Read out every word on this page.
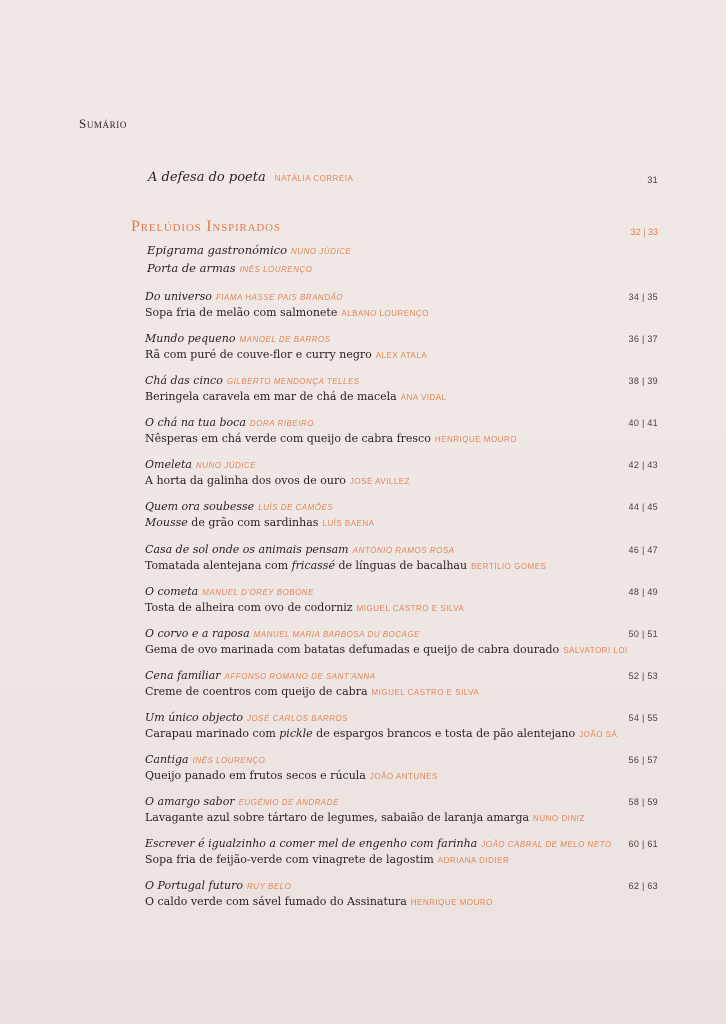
Sumário
A defesa do poeta NATÁLIA CORREIA	31
Prelúdios Inspirados	32 | 33
Epigrama gastronómico NUNO JÚDICE
Porta de armas INÊS LOURENÇO
Do universo FIAMA HASSE PAIS BRANDÃO
Sopa fria de melão com salmonete ALBANO LOURENÇO
34 | 35
Mundo pequeno MANOEL DE BARROS
Rã com puré de couve-flor e curry negro ALEX ATALA
36 | 37
Chá das cinco GILBERTO MENDONÇA TELLES
Beringela caravela em mar de chá de macela ANA VIDAL
38 | 39
O chá na tua boca DORA RIBEIRO
Nêsperas em chá verde com queijo de cabra fresco HENRIQUE MOURO
40 | 41
Omeleta NUNO JÚDICE
A horta da galinha dos ovos de ouro JOSÉ AVILLEZ
42 | 43
Quem ora soubesse LUÍS DE CAMÕES
Mousse de grão com sardinhas LUÍS BAENA
44 | 45
Casa de sol onde os animais pensam ANTÓNIO RAMOS ROSA
Tomatada alentejana com fricassé de línguas de bacalhau BERTÍLIO GOMES
46 | 47
O cometa MANUEL D'OREY BOBONE
Tosta de alheira com ovo de codorniz MIGUEL CASTRO E SILVA
48 | 49
O corvo e a raposa MANUEL MARIA BARBOSA DU BOCAGE
Gema de ovo marinada com batatas defumadas e queijo de cabra dourado SALVATORI LOI
50 | 51
Cena familiar AFFONSO ROMANO DE SANT'ANNA
Creme de coentros com queijo de cabra MIGUEL CASTRO E SILVA
52 | 53
Um único objecto JOSÉ CARLOS BARROS
Carapau marinado com pickle de espargos brancos e tosta de pão alentejano JOÃO SÁ
54 | 55
Cantiga INÊS LOURENÇO
Queijo panado em frutos secos e rúcula JOÃO ANTUNES
56 | 57
O amargo sabor EUGÉNIO DE ANDRADE
Lavagante azul sobre tártaro de legumes, sabaião de laranja amarga NUNO DINIZ
58 | 59
Escrever é igualzinho a comer mel de engenho com farinha JOÃO CABRAL DE MELO NETO
Sopa fria de feijão-verde com vinagrete de lagostim ADRIANA DIDIER
60 | 61
O Portugal futuro RUY BELO
O caldo verde com sável fumado do Assinatura HENRIQUE MOURO
62 | 63
